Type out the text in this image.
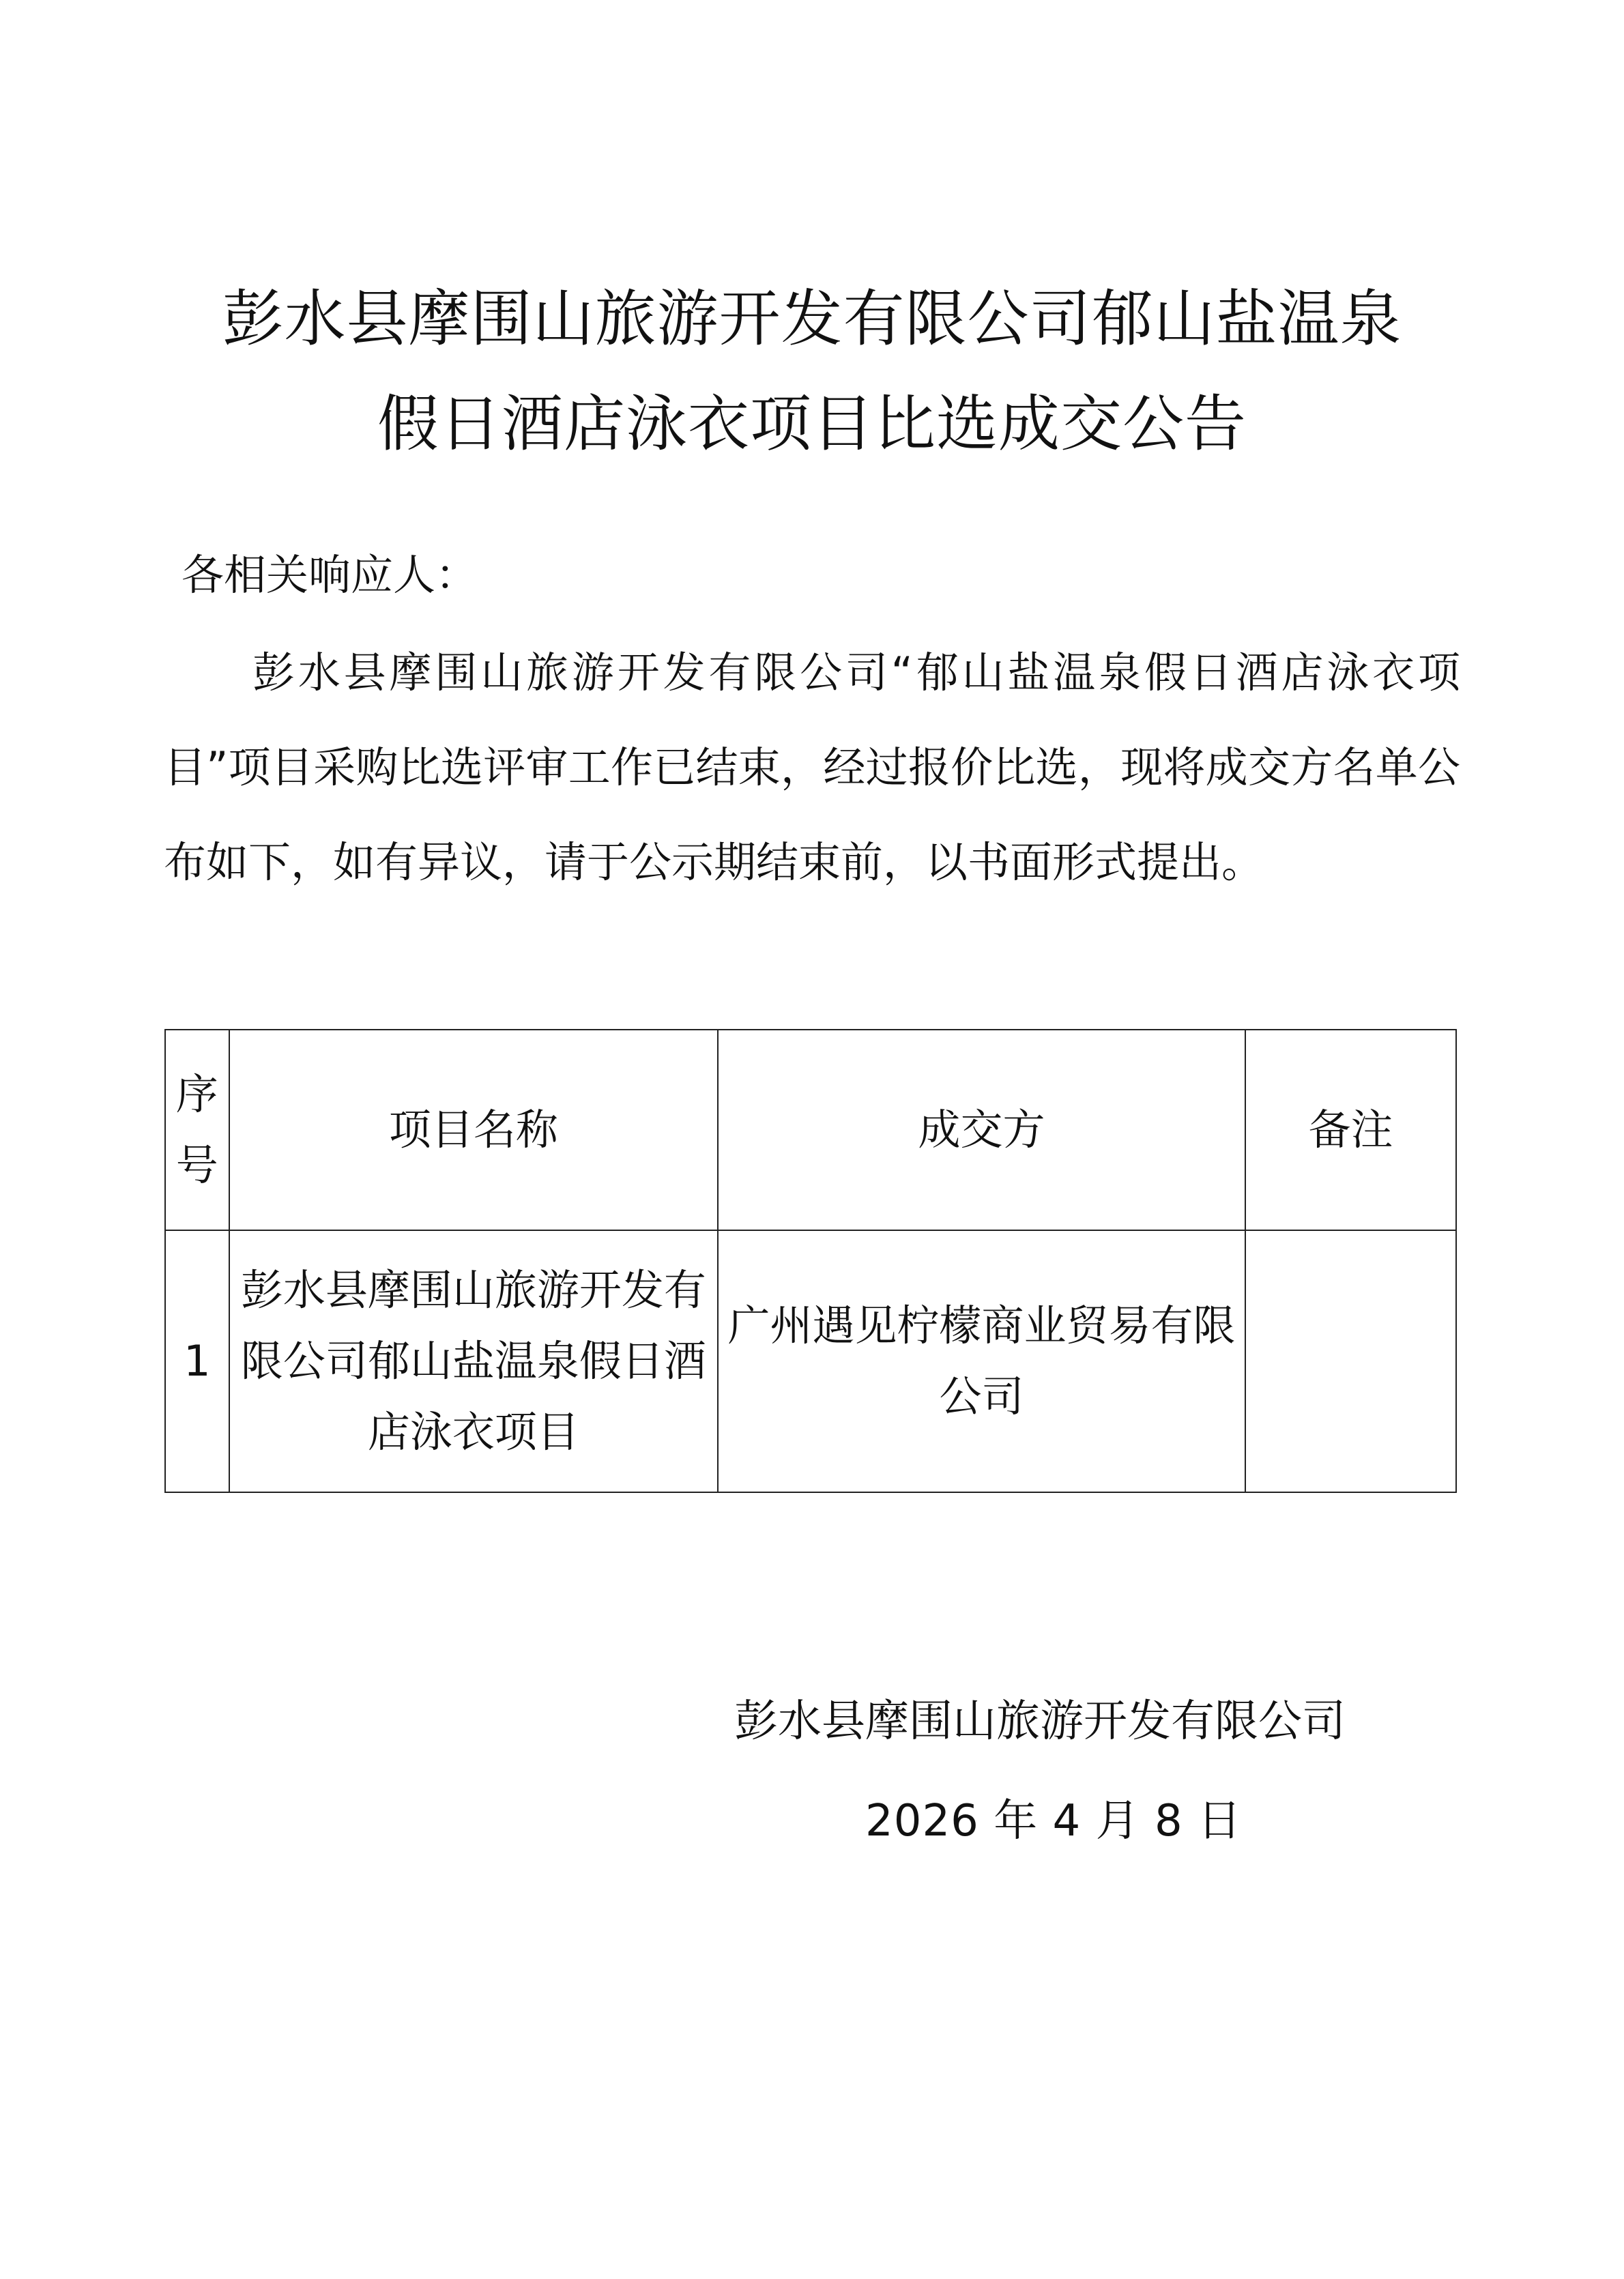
彭水县摩围山旅游开发有限公司郁山盐温泉
假日酒店泳衣项目比选成交公告
各相关响应人：

彭水县摩围山旅游开发有限公司“郁山盐温泉假日酒店泳衣项目”项目采购比选评审工作已结束，经过报价比选，现将成交方名单公布如下，如有异议，请于公示期结束前，以书面形式提出。

序号	项目名称	成交方	备注
1	彭水县摩围山旅游开发有限公司郁山盐温泉假日酒店泳衣项目	广州遇见柠檬商业贸易有限公司	
彭水县摩围山旅游开发有限公司
2026 年 4 月 8 日
